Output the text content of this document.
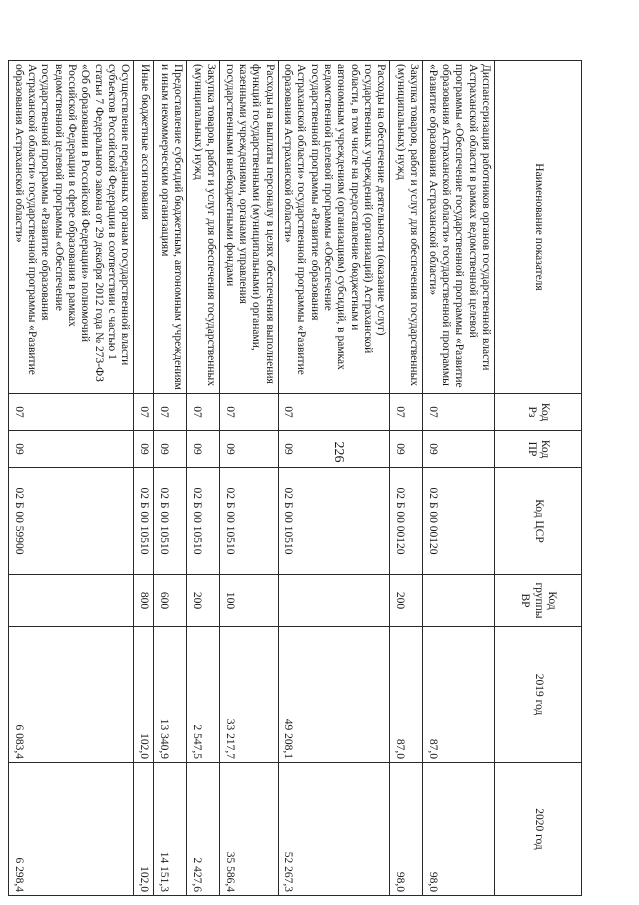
226
Наименование показателя	Код Рз	Код ПР	Код ЦСР	Код группы ВР	2019 год	2020 год
Диспансеризация работников органов государственной власти Астраханской области в рамках ведомственной целевой программы «Обеспечение государственной программы «Развитие образования Астраханской области» государственной программы «Развитие образования Астраханской области»	07	09	02 Б 00 00120		87,0	98,0
Закупка товаров, работ и услуг для обеспечения государственных (муниципальных) нужд	07	09	02 Б 00 00120	200	87,0	98,0
Расходы на обеспечение деятельности (оказание услуг) государственных учреждений (организаций) Астраханской области, в том числе на предоставление бюджетным и автономным учреждениям (организациям) субсидий, в рамках ведомственной целевой программы «Обеспечение государственной программы «Развитие образования Астраханской области» государственной программы «Развитие образования Астраханской области»	07	09	02 Б 00 10510		49 208,1	52 267,3
Расходы на выплаты персоналу в целях обеспечения выполнения функций государственными (муниципальными) органами, казенными учреждениями, органами управления государственными внебюджетными фондами	07	09	02 Б 00 10510	100	33 217,7	35 586,4
Закупка товаров, работ и услуг для обеспечения государственных (муниципальных) нужд	07	09	02 Б 00 10510	200	2 547,5	2 427,6
Предоставление субсидий бюджетным, автономным учреждениям и иным некоммерческим организациям	07	09	02 Б 00 10510	600	13 340,9	14 151,3
Иные бюджетные ассигнования	07	09	02 Б 00 10510	800	102,0	102,0
Осуществление переданных органам государственной власти субъектов Российской Федерации в соответствии с частью 1 статьи 7 Федерального закона от 29 декабря 2012 года № 273-ФЗ «Об образовании в Российской Федерации» полномочий Российской Федерации в сфере образования в рамках ведомственной целевой программы «Обеспечение государственной программы «Развитие образования Астраханской области» государственной программы «Развитие образования Астраханской области»	07	09	02 Б 00 59900		6 083,4	6 298,4
